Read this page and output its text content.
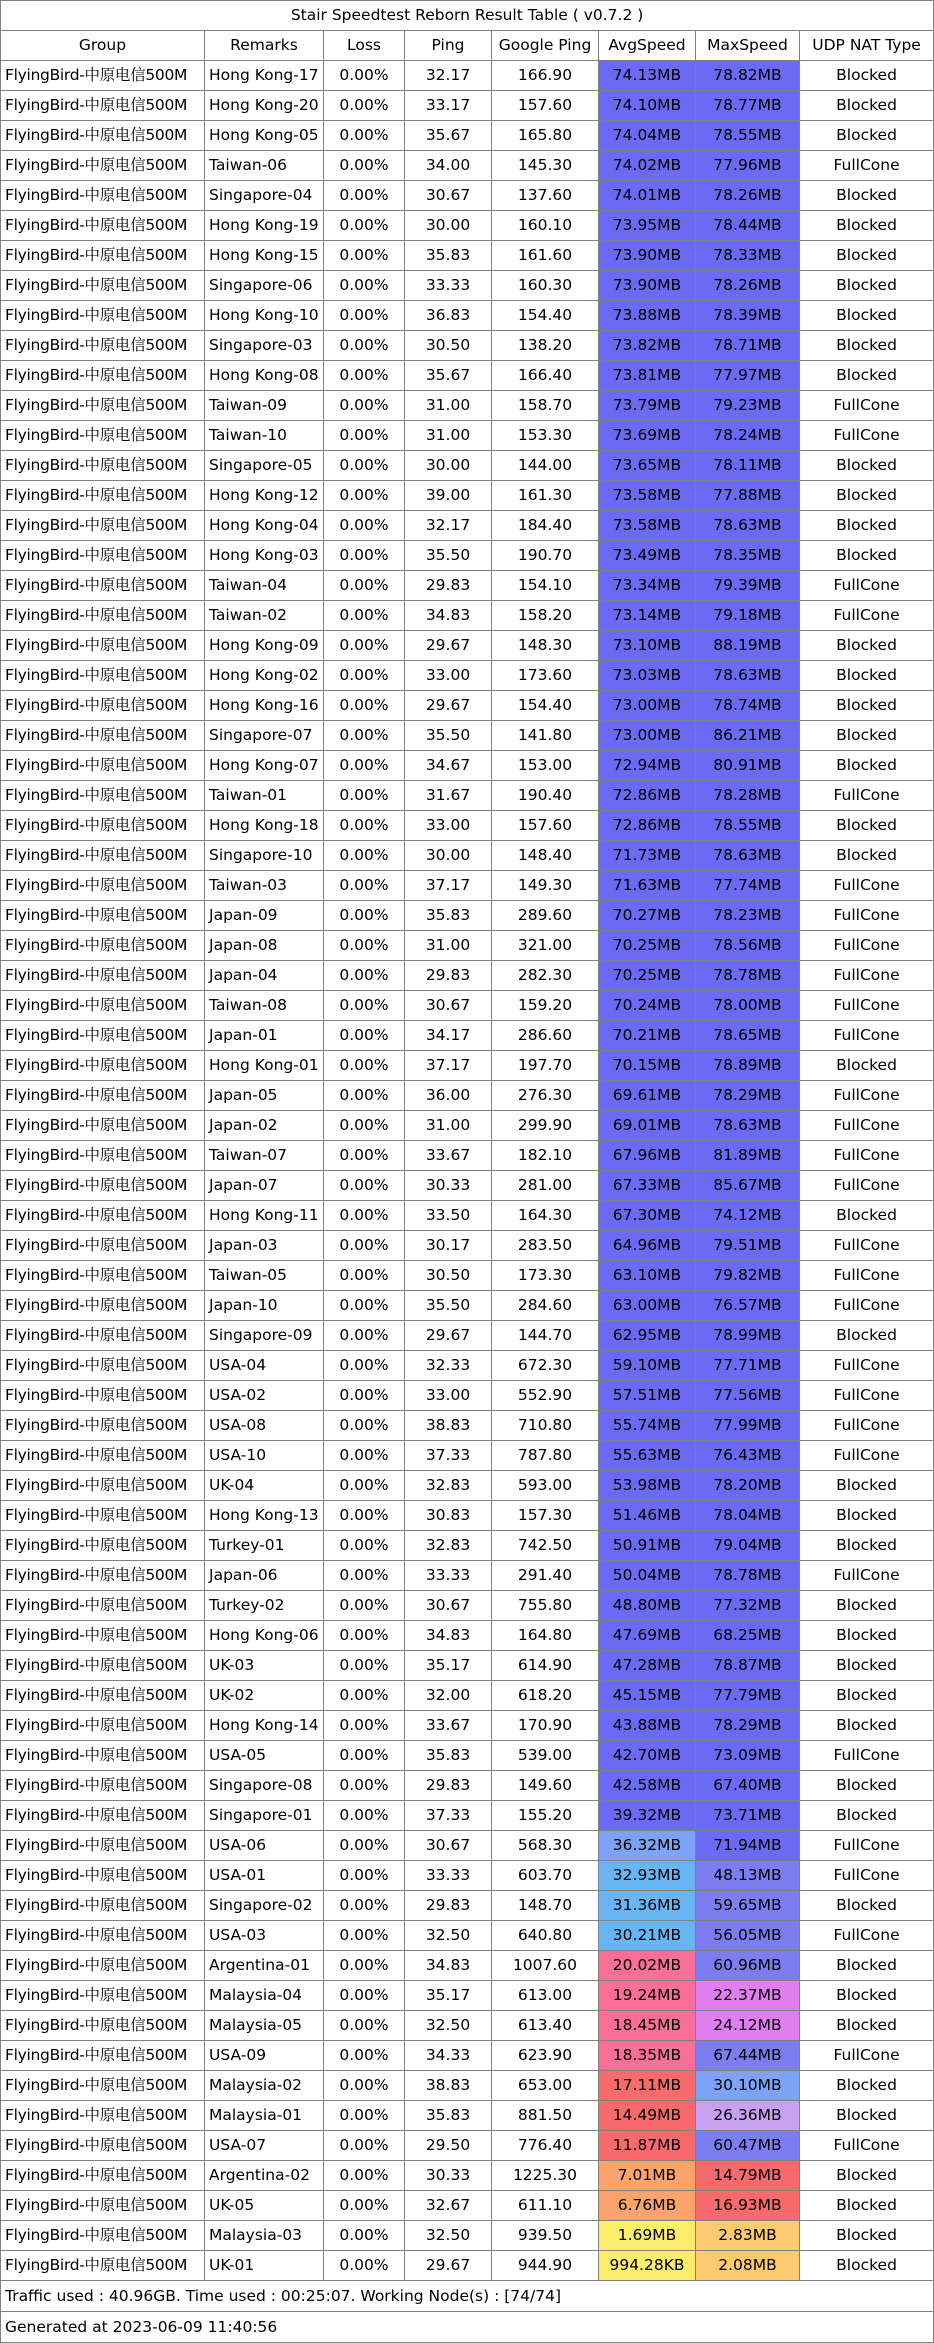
Stair Speedtest Reborn Result Table ( v0.7.2 )							
Group	Remarks	Loss	Ping	Google Ping	AvgSpeed	MaxSpeed	UDP NAT Type
FlyingBird-中原电信500M	Hong Kong-17	0.00%	32.17	166.90	74.13MB	78.82MB	Blocked
FlyingBird-中原电信500M	Hong Kong-20	0.00%	33.17	157.60	74.10MB	78.77MB	Blocked
FlyingBird-中原电信500M	Hong Kong-05	0.00%	35.67	165.80	74.04MB	78.55MB	Blocked
FlyingBird-中原电信500M	Taiwan-06	0.00%	34.00	145.30	74.02MB	77.96MB	FullCone
FlyingBird-中原电信500M	Singapore-04	0.00%	30.67	137.60	74.01MB	78.26MB	Blocked
FlyingBird-中原电信500M	Hong Kong-19	0.00%	30.00	160.10	73.95MB	78.44MB	Blocked
FlyingBird-中原电信500M	Hong Kong-15	0.00%	35.83	161.60	73.90MB	78.33MB	Blocked
FlyingBird-中原电信500M	Singapore-06	0.00%	33.33	160.30	73.90MB	78.26MB	Blocked
FlyingBird-中原电信500M	Hong Kong-10	0.00%	36.83	154.40	73.88MB	78.39MB	Blocked
FlyingBird-中原电信500M	Singapore-03	0.00%	30.50	138.20	73.82MB	78.71MB	Blocked
FlyingBird-中原电信500M	Hong Kong-08	0.00%	35.67	166.40	73.81MB	77.97MB	Blocked
FlyingBird-中原电信500M	Taiwan-09	0.00%	31.00	158.70	73.79MB	79.23MB	FullCone
FlyingBird-中原电信500M	Taiwan-10	0.00%	31.00	153.30	73.69MB	78.24MB	FullCone
FlyingBird-中原电信500M	Singapore-05	0.00%	30.00	144.00	73.65MB	78.11MB	Blocked
FlyingBird-中原电信500M	Hong Kong-12	0.00%	39.00	161.30	73.58MB	77.88MB	Blocked
FlyingBird-中原电信500M	Hong Kong-04	0.00%	32.17	184.40	73.58MB	78.63MB	Blocked
FlyingBird-中原电信500M	Hong Kong-03	0.00%	35.50	190.70	73.49MB	78.35MB	Blocked
FlyingBird-中原电信500M	Taiwan-04	0.00%	29.83	154.10	73.34MB	79.39MB	FullCone
FlyingBird-中原电信500M	Taiwan-02	0.00%	34.83	158.20	73.14MB	79.18MB	FullCone
FlyingBird-中原电信500M	Hong Kong-09	0.00%	29.67	148.30	73.10MB	88.19MB	Blocked
FlyingBird-中原电信500M	Hong Kong-02	0.00%	33.00	173.60	73.03MB	78.63MB	Blocked
FlyingBird-中原电信500M	Hong Kong-16	0.00%	29.67	154.40	73.00MB	78.74MB	Blocked
FlyingBird-中原电信500M	Singapore-07	0.00%	35.50	141.80	73.00MB	86.21MB	Blocked
FlyingBird-中原电信500M	Hong Kong-07	0.00%	34.67	153.00	72.94MB	80.91MB	Blocked
FlyingBird-中原电信500M	Taiwan-01	0.00%	31.67	190.40	72.86MB	78.28MB	FullCone
FlyingBird-中原电信500M	Hong Kong-18	0.00%	33.00	157.60	72.86MB	78.55MB	Blocked
FlyingBird-中原电信500M	Singapore-10	0.00%	30.00	148.40	71.73MB	78.63MB	Blocked
FlyingBird-中原电信500M	Taiwan-03	0.00%	37.17	149.30	71.63MB	77.74MB	FullCone
FlyingBird-中原电信500M	Japan-09	0.00%	35.83	289.60	70.27MB	78.23MB	FullCone
FlyingBird-中原电信500M	Japan-08	0.00%	31.00	321.00	70.25MB	78.56MB	FullCone
FlyingBird-中原电信500M	Japan-04	0.00%	29.83	282.30	70.25MB	78.78MB	FullCone
FlyingBird-中原电信500M	Taiwan-08	0.00%	30.67	159.20	70.24MB	78.00MB	FullCone
FlyingBird-中原电信500M	Japan-01	0.00%	34.17	286.60	70.21MB	78.65MB	FullCone
FlyingBird-中原电信500M	Hong Kong-01	0.00%	37.17	197.70	70.15MB	78.89MB	Blocked
FlyingBird-中原电信500M	Japan-05	0.00%	36.00	276.30	69.61MB	78.29MB	FullCone
FlyingBird-中原电信500M	Japan-02	0.00%	31.00	299.90	69.01MB	78.63MB	FullCone
FlyingBird-中原电信500M	Taiwan-07	0.00%	33.67	182.10	67.96MB	81.89MB	FullCone
FlyingBird-中原电信500M	Japan-07	0.00%	30.33	281.00	67.33MB	85.67MB	FullCone
FlyingBird-中原电信500M	Hong Kong-11	0.00%	33.50	164.30	67.30MB	74.12MB	Blocked
FlyingBird-中原电信500M	Japan-03	0.00%	30.17	283.50	64.96MB	79.51MB	FullCone
FlyingBird-中原电信500M	Taiwan-05	0.00%	30.50	173.30	63.10MB	79.82MB	FullCone
FlyingBird-中原电信500M	Japan-10	0.00%	35.50	284.60	63.00MB	76.57MB	FullCone
FlyingBird-中原电信500M	Singapore-09	0.00%	29.67	144.70	62.95MB	78.99MB	Blocked
FlyingBird-中原电信500M	USA-04	0.00%	32.33	672.30	59.10MB	77.71MB	FullCone
FlyingBird-中原电信500M	USA-02	0.00%	33.00	552.90	57.51MB	77.56MB	FullCone
FlyingBird-中原电信500M	USA-08	0.00%	38.83	710.80	55.74MB	77.99MB	FullCone
FlyingBird-中原电信500M	USA-10	0.00%	37.33	787.80	55.63MB	76.43MB	FullCone
FlyingBird-中原电信500M	UK-04	0.00%	32.83	593.00	53.98MB	78.20MB	Blocked
FlyingBird-中原电信500M	Hong Kong-13	0.00%	30.83	157.30	51.46MB	78.04MB	Blocked
FlyingBird-中原电信500M	Turkey-01	0.00%	32.83	742.50	50.91MB	79.04MB	Blocked
FlyingBird-中原电信500M	Japan-06	0.00%	33.33	291.40	50.04MB	78.78MB	FullCone
FlyingBird-中原电信500M	Turkey-02	0.00%	30.67	755.80	48.80MB	77.32MB	Blocked
FlyingBird-中原电信500M	Hong Kong-06	0.00%	34.83	164.80	47.69MB	68.25MB	Blocked
FlyingBird-中原电信500M	UK-03	0.00%	35.17	614.90	47.28MB	78.87MB	Blocked
FlyingBird-中原电信500M	UK-02	0.00%	32.00	618.20	45.15MB	77.79MB	Blocked
FlyingBird-中原电信500M	Hong Kong-14	0.00%	33.67	170.90	43.88MB	78.29MB	Blocked
FlyingBird-中原电信500M	USA-05	0.00%	35.83	539.00	42.70MB	73.09MB	FullCone
FlyingBird-中原电信500M	Singapore-08	0.00%	29.83	149.60	42.58MB	67.40MB	Blocked
FlyingBird-中原电信500M	Singapore-01	0.00%	37.33	155.20	39.32MB	73.71MB	Blocked
FlyingBird-中原电信500M	USA-06	0.00%	30.67	568.30	36.32MB	71.94MB	FullCone
FlyingBird-中原电信500M	USA-01	0.00%	33.33	603.70	32.93MB	48.13MB	FullCone
FlyingBird-中原电信500M	Singapore-02	0.00%	29.83	148.70	31.36MB	59.65MB	Blocked
FlyingBird-中原电信500M	USA-03	0.00%	32.50	640.80	30.21MB	56.05MB	FullCone
FlyingBird-中原电信500M	Argentina-01	0.00%	34.83	1007.60	20.02MB	60.96MB	Blocked
FlyingBird-中原电信500M	Malaysia-04	0.00%	35.17	613.00	19.24MB	22.37MB	Blocked
FlyingBird-中原电信500M	Malaysia-05	0.00%	32.50	613.40	18.45MB	24.12MB	Blocked
FlyingBird-中原电信500M	USA-09	0.00%	34.33	623.90	18.35MB	67.44MB	FullCone
FlyingBird-中原电信500M	Malaysia-02	0.00%	38.83	653.00	17.11MB	30.10MB	Blocked
FlyingBird-中原电信500M	Malaysia-01	0.00%	35.83	881.50	14.49MB	26.36MB	Blocked
FlyingBird-中原电信500M	USA-07	0.00%	29.50	776.40	11.87MB	60.47MB	FullCone
FlyingBird-中原电信500M	Argentina-02	0.00%	30.33	1225.30	7.01MB	14.79MB	Blocked
FlyingBird-中原电信500M	UK-05	0.00%	32.67	611.10	6.76MB	16.93MB	Blocked
FlyingBird-中原电信500M	Malaysia-03	0.00%	32.50	939.50	1.69MB	2.83MB	Blocked
FlyingBird-中原电信500M	UK-01	0.00%	29.67	944.90	994.28KB	2.08MB	Blocked
Traffic used : 40.96GB. Time used : 00:25:07. Working Node(s) : [74/74]							
Generated at 2023-06-09 11:40:56							
